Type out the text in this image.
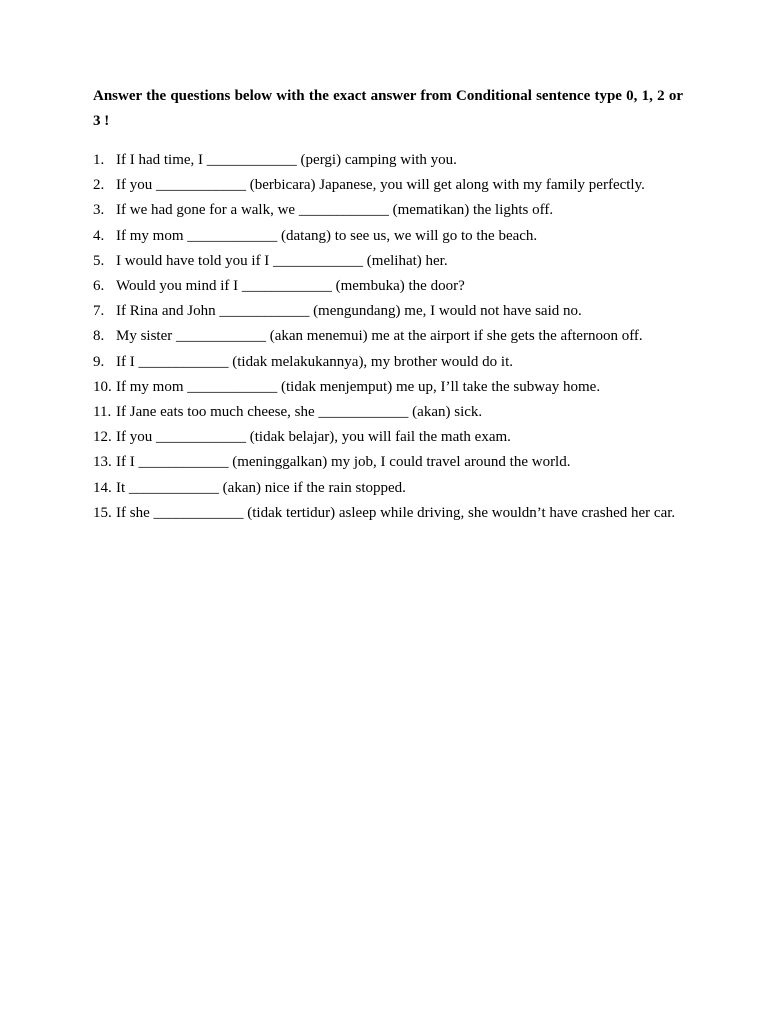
Answer the questions below with the exact answer from Conditional sentence type 0, 1, 2 or 3 !

1. If I had time, I ____________ (pergi) camping with you.
2. If you ____________ (berbicara) Japanese, you will get along with my family perfectly.
3. If we had gone for a walk, we ____________ (mematikan) the lights off.
4. If my mom ____________ (datang) to see us, we will go to the beach.
5. I would have told you if I ____________ (melihat) her.
6. Would you mind if I ____________ (membuka) the door?
7. If Rina and John ____________ (mengundang) me, I would not have said no.
8. My sister ____________ (akan menemui) me at the airport if she gets the afternoon off.
9. If I ____________ (tidak melakukannya), my brother would do it.
10. If my mom ____________ (tidak menjemput) me up, I’ll take the subway home.
11. If Jane eats too much cheese, she ____________ (akan) sick.
12. If you ____________ (tidak belajar), you will fail the math exam.
13. If I ____________ (meninggalkan) my job, I could travel around the world.
14. It ____________ (akan) nice if the rain stopped.
15. If she ____________ (tidak tertidur) asleep while driving, she wouldn’t have crashed her car.
